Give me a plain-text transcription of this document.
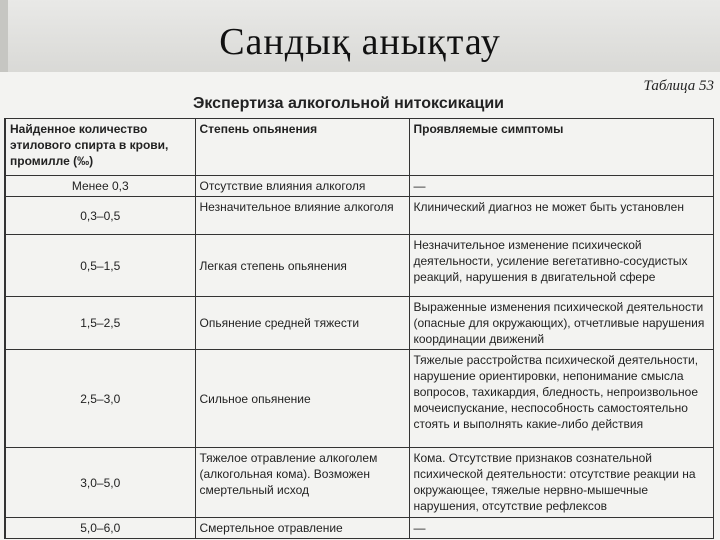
Сандық анықтау
Таблица 53
Экспертиза алкогольной нитоксикации
Найденное количество этилового спирта в крови, промилле (‰)	Степень опьянения	Проявляемые симптомы
Менее 0,3	Отсутствие влияния алкоголя	—
0,3–0,5	Незначительное влияние алкоголя	Клинический диагноз не может быть установлен
0,5–1,5	Легкая степень опьянения	Незначительное изменение психической деятельности, усиление вегетативно-сосудистых реакций, нарушения в двигательной сфере
1,5–2,5	Опьянение средней тяжести	Выраженные изменения психической деятельности (опасные для окружающих), отчетливые нарушения координации движений
2,5–3,0	Сильное опьянение	Тяжелые расстройства психической деятельности, нарушение ориентировки, непонимание смысла вопросов, тахикардия, бледность, непроизвольное мочеиспускание, неспособность самостоятельно стоять и выполнять какие-либо действия
3,0–5,0	Тяжелое отравление алкоголем (алкогольная кома). Возможен смертельный исход	Кома. Отсутствие признаков сознательной психической деятельности: отсутствие реакции на окружающее, тяжелые нервно-мышечные нарушения, отсутствие рефлексов
5,0–6,0	Смертельное отравление	—
